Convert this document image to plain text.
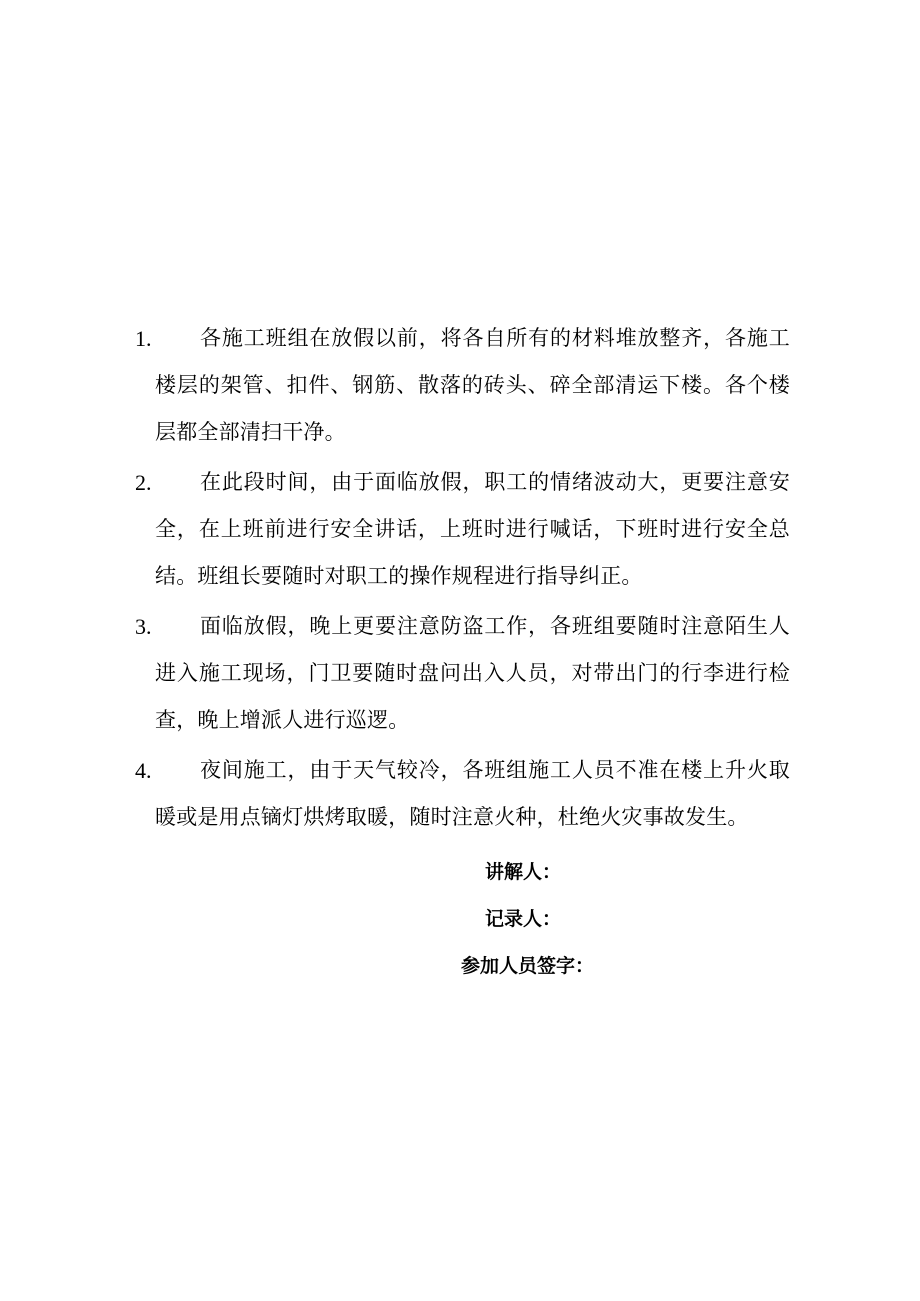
1.	各施工班组在放假以前，将各自所有的材料堆放整齐，各施工楼层的架管、扣件、钢筋、散落的砖头、碎全部清运下楼。各个楼层都全部清扫干净。
2.	在此段时间，由于面临放假，职工的情绪波动大，更要注意安全，在上班前进行安全讲话，上班时进行喊话，下班时进行安全总结。班组长要随时对职工的操作规程进行指导纠正。
3.	面临放假，晚上更要注意防盗工作，各班组要随时注意陌生人进入施工现场，门卫要随时盘问出入人员，对带出门的行李进行检查，晚上增派人进行巡逻。
4.	夜间施工，由于天气较冷，各班组施工人员不准在楼上升火取暖或是用点镝灯烘烤取暖，随时注意火种，杜绝火灾事故发生。
讲解人：
记录人：
参加人员签字：
